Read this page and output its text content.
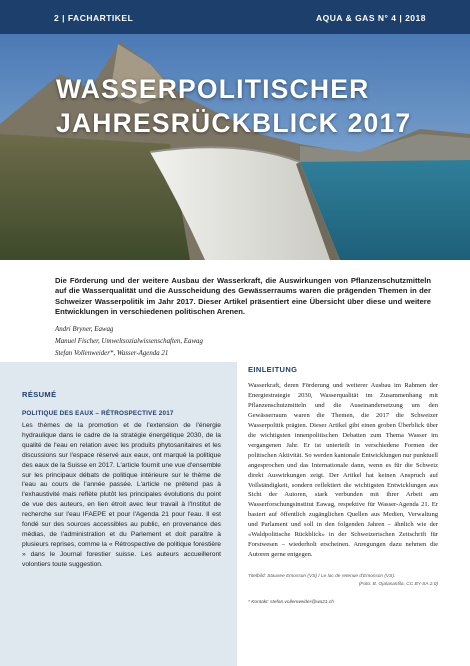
2 | FACHARTIKEL	AQUA & GAS N° 4 | 2018
WASSERPOLITISCHER
JAHRESRÜCKBLICK 2017

Die Förderung und der weitere Ausbau der Wasserkraft, die Auswirkungen von Pflanzenschutzmitteln auf die Wasserqualität und die Ausscheidung des Gewässerraums waren die prägenden Themen in der Schweizer Wasserpolitik im Jahr 2017. Dieser Artikel präsentiert eine Übersicht über diese und weitere Entwicklungen in verschiedenen politischen Arenen.

Andri Bryner, Eawag
Manuel Fischer, Umweltsozialwissenschaften, Eawag
Stefan Vollenweider*, Wasser-Agenda 21
RÉSUMÉ
POLITIQUE DES EAUX – RÉTROSPECTIVE 2017

Les thèmes de la promotion et de l'extension de l'énergie hydraulique dans le cadre de la stratégie énergétique 2030, de la qualité de l'eau en relation avec les produits phytosanitaires et les discussions sur l'espace réservé aux eaux, ont marqué la politique des eaux de la Suisse en 2017. L'article fournit une vue d'ensemble sur les principaux débats de politique intérieure sur le thème de l'eau au cours de l'année passée. L'article ne prétend pas à l'exhaustivité mais reflète plutôt les principales évolutions du point de vue des auteurs, en lien étroit avec leur travail à l'Institut de recherche sur l'eau IFAEPE et pour l'Agenda 21 pour l'eau. Il est fondé sur des sources accessibles au public, en provenance des médias, de l'administration et du Parlement et doit paraître à plusieurs reprises, comme la « Rétrospective de politique forestière » dans le Journal forestier suisse. Les auteurs accueilleront volontiers toute suggestion.

EINLEITUNG

Wasserkraft, deren Förderung und weiterer Ausbau im Rahmen der Energiestrategie 2030, Wasserqualität im Zusammenhang mit Pflanzenschutzmitteln und die Auseinandersetzung um den Gewässerraum waren die Themen, die 2017 die Schweizer Wasserpolitik prägten. Dieser Artikel gibt einen groben Überblick über die wichtigsten innenpolitischen Debatten zum Thema Wasser im vergangenen Jahr. Er ist unterteilt in verschiedene Formen der politischen Aktivität. So werden kantonale Entwicklungen nur punktuell angesprochen und das Internationale dann, wenn es für die Schweiz direkt Auswirkungen zeigt. Der Artikel hat keinen Anspruch auf Vollständigkeit, sondern reflektiert die wichtigsten Entwicklungen aus Sicht der Autoren, stark verbunden mit ihrer Arbeit am Wasserforschungsinstitut Eawag, respektive für Wasser-Agenda 21. Er basiert auf öffentlich zugänglichen Quellen aus Medien, Verwaltung und Parlament und soll in den folgenden Jahren – ähnlich wie der «Waldpolitische Rückblick» in der Schweizerischen Zeitschrift für Forstwesen – wiederholt erscheinen. Anregungen dazu nehmen die Autoren gerne entgegen.

Titelbild: Stausee Emosson (VS) / Le lac de retenue d'Emosson (VS).
(Foto: B. Ojalasantila, CC BY-SA 2.0)
* Kontakt: stefan.vollenweider@wa21.ch
